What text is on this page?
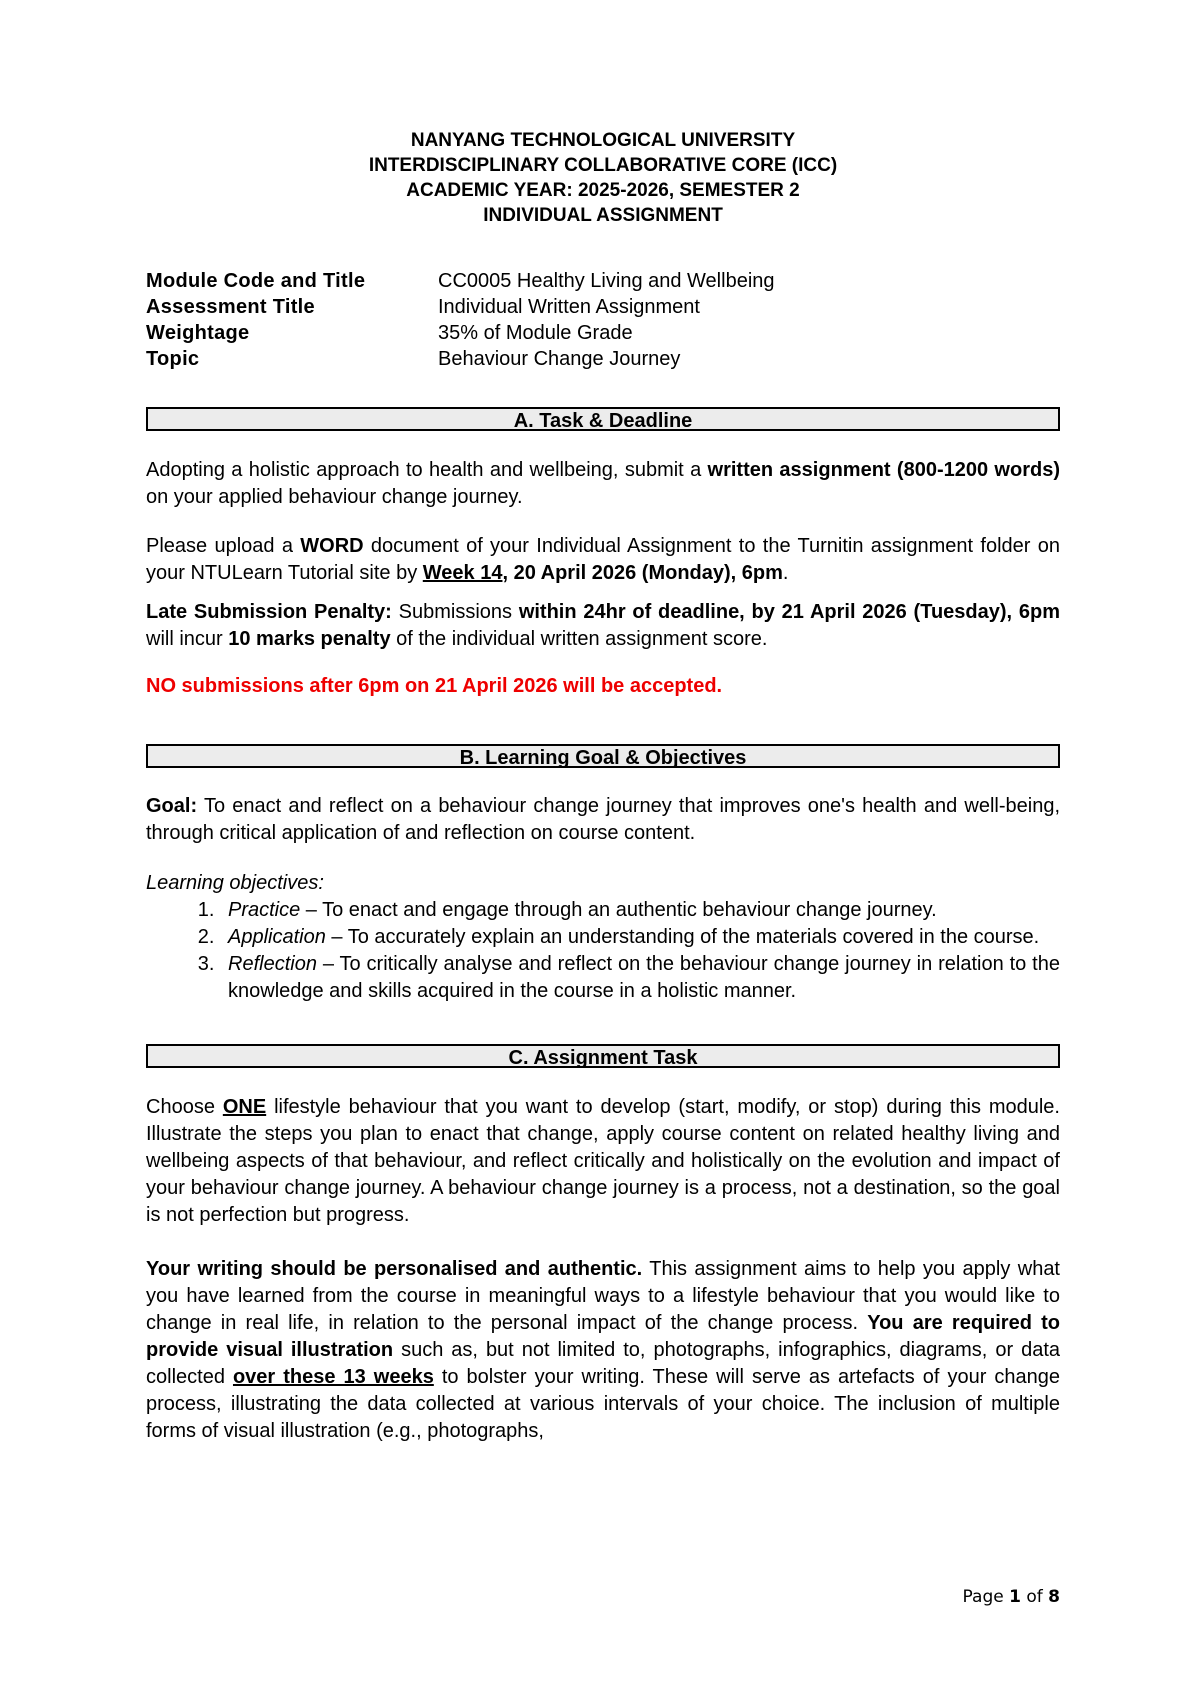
NANYANG TECHNOLOGICAL UNIVERSITY
INTERDISCIPLINARY COLLABORATIVE CORE (ICC)
ACADEMIC YEAR: 2025-2026, SEMESTER 2
INDIVIDUAL ASSIGNMENT
Module Code and Title	CC0005 Healthy Living and Wellbeing
Assessment Title	Individual Written Assignment
Weightage	35% of Module Grade
Topic	Behaviour Change Journey
A. Task & Deadline

Adopting a holistic approach to health and wellbeing, submit a written assignment (800-1200 words) on your applied behaviour change journey.

Please upload a WORD document of your Individual Assignment to the Turnitin assignment folder on your NTULearn Tutorial site by Week 14, 20 April 2026 (Monday), 6pm.

Late Submission Penalty: Submissions within 24hr of deadline, by 21 April 2026 (Tuesday), 6pm will incur 10 marks penalty of the individual written assignment score.

NO submissions after 6pm on 21 April 2026 will be accepted.

B. Learning Goal & Objectives

Goal: To enact and reflect on a behaviour change journey that improves one's health and well-being, through critical application of and reflection on course content.

Learning objectives:

1. Practice – To enact and engage through an authentic behaviour change journey.
2. Application – To accurately explain an understanding of the materials covered in the course.
3. Reflection – To critically analyse and reflect on the behaviour change journey in relation to the knowledge and skills acquired in the course in a holistic manner.
C. Assignment Task

Choose ONE lifestyle behaviour that you want to develop (start, modify, or stop) during this module. Illustrate the steps you plan to enact that change, apply course content on related healthy living and wellbeing aspects of that behaviour, and reflect critically and holistically on the evolution and impact of your behaviour change journey. A behaviour change journey is a process, not a destination, so the goal is not perfection but progress.

Your writing should be personalised and authentic. This assignment aims to help you apply what you have learned from the course in meaningful ways to a lifestyle behaviour that you would like to change in real life, in relation to the personal impact of the change process. You are required to provide visual illustration such as, but not limited to, photographs, infographics, diagrams, or data collected over these 13 weeks to bolster your writing. These will serve as artefacts of your change process, illustrating the data collected at various intervals of your choice. The inclusion of multiple forms of visual illustration (e.g., photographs,

Page 1 of 8
